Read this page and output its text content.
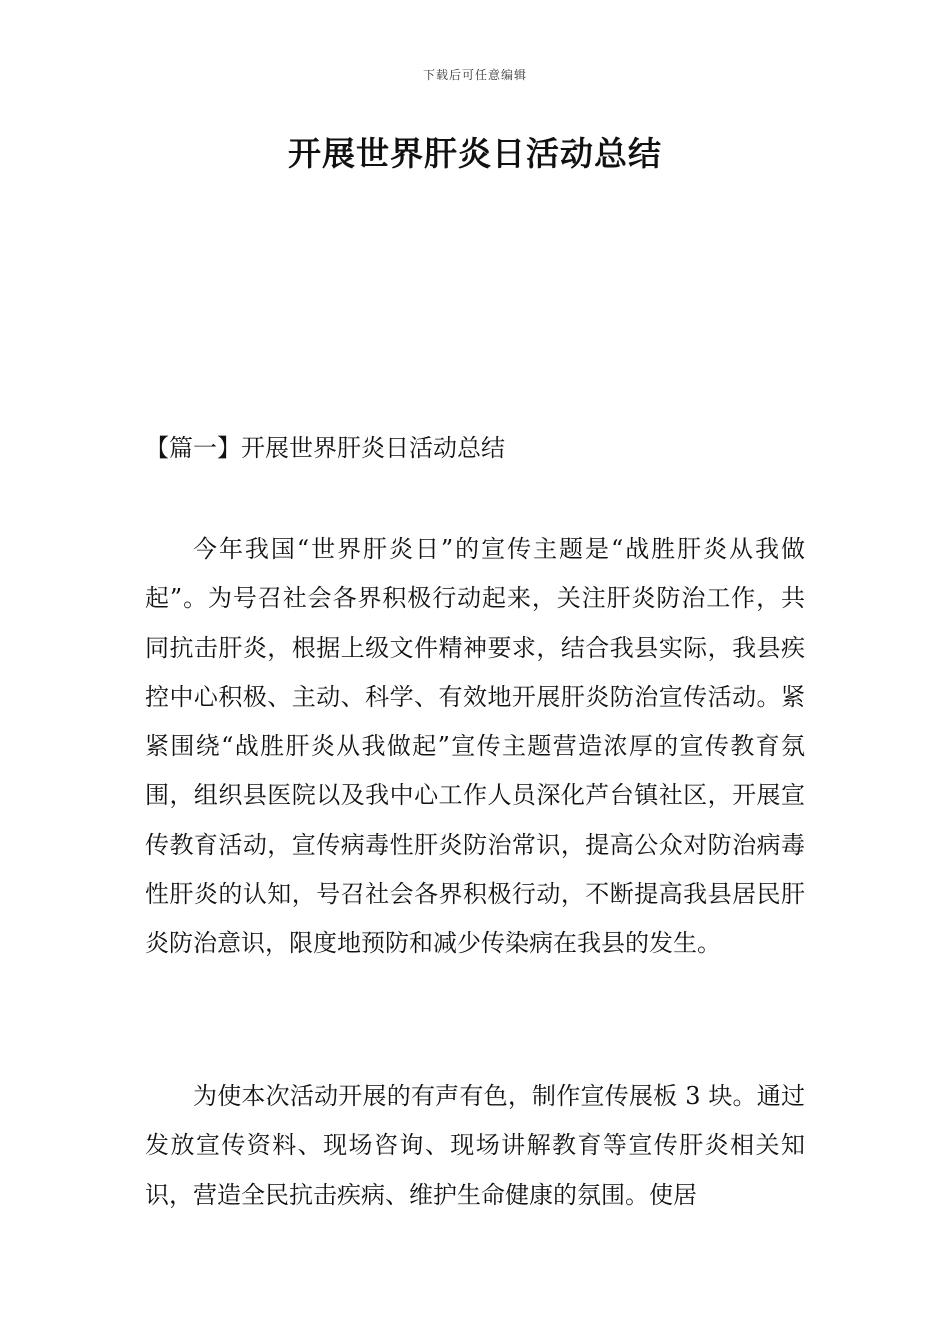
下载后可任意编辑
开展世界肝炎日活动总结
【篇一】开展世界肝炎日活动总结

今年我国“世界肝炎日”的宣传主题是“战胜肝炎从我做起”。为号召社会各界积极行动起来，关注肝炎防治工作，共同抗击肝炎，根据上级文件精神要求，结合我县实际，我县疾控中心积极、主动、科学、有效地开展肝炎防治宣传活动。紧紧围绕“战胜肝炎从我做起”宣传主题营造浓厚的宣传教育氛围，组织县医院以及我中心工作人员深化芦台镇社区，开展宣传教育活动，宣传病毒性肝炎防治常识，提高公众对防治病毒性肝炎的认知，号召社会各界积极行动，不断提高我县居民肝炎防治意识，限度地预防和减少传染病在我县的发生。

为使本次活动开展的有声有色，制作宣传展板 3 块。通过发放宣传资料、现场咨询、现场讲解教育等宣传肝炎相关知识，营造全民抗击疾病、维护生命健康的氛围。使居
